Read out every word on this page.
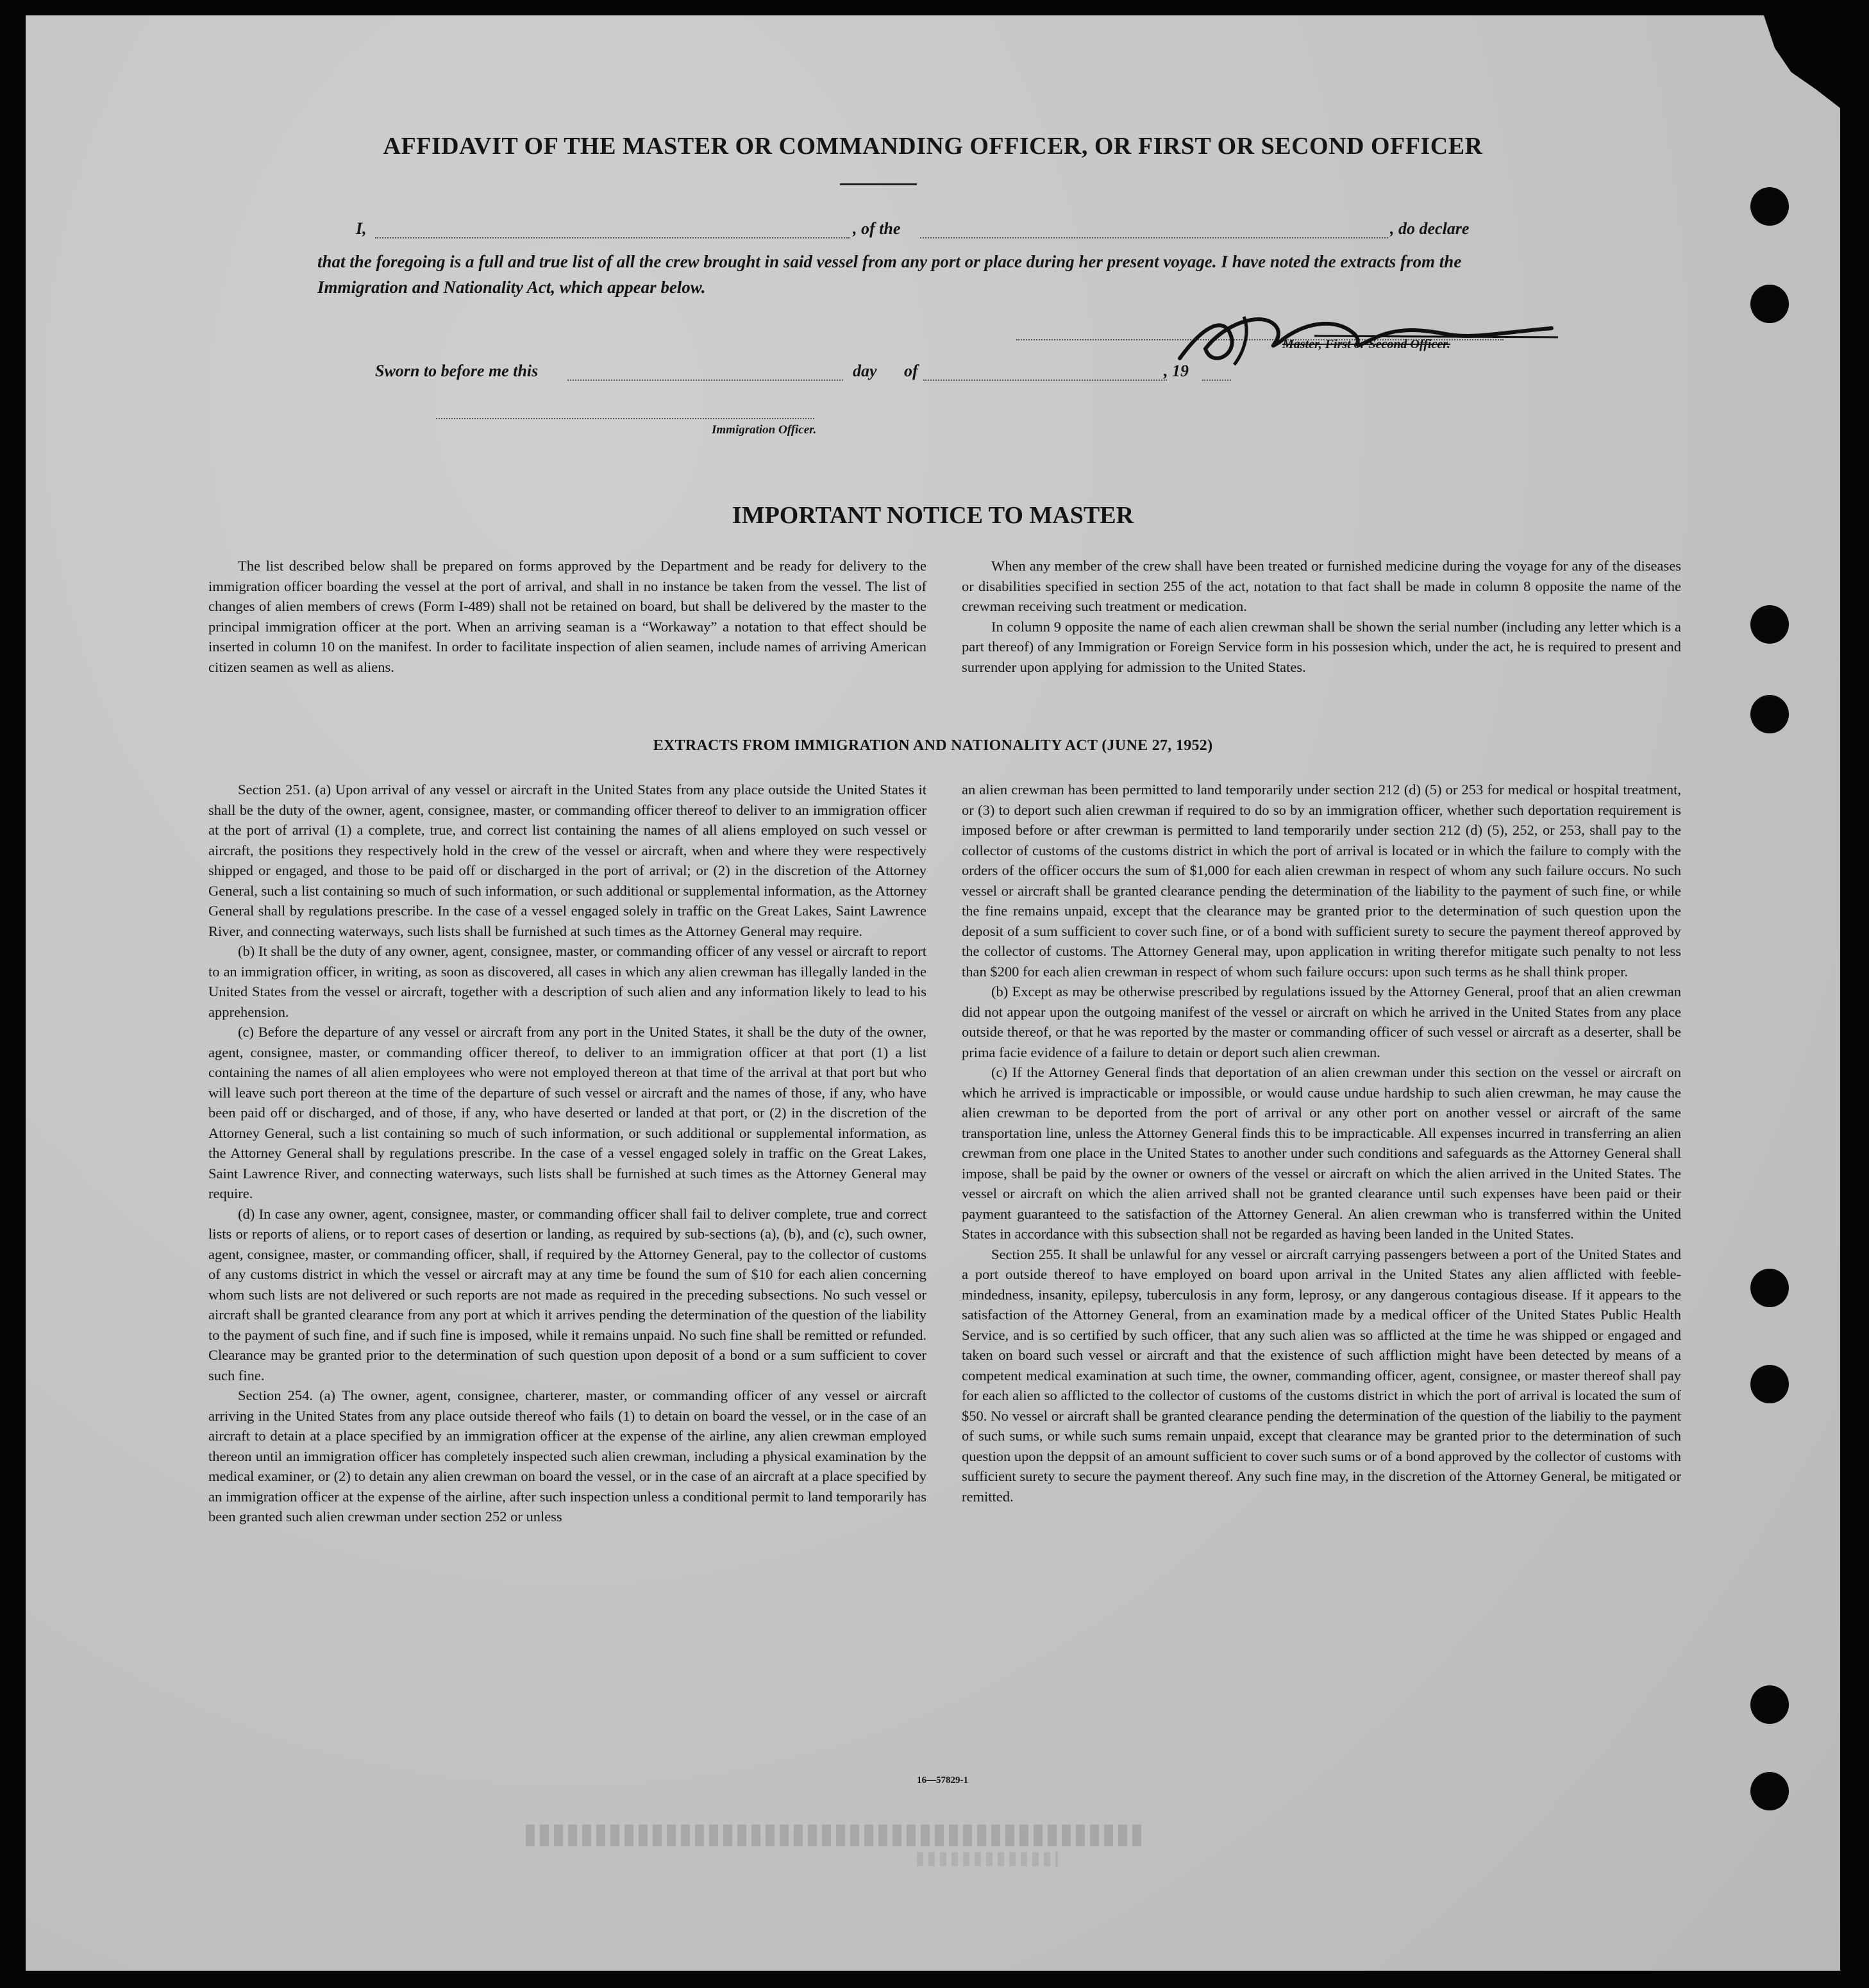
AFFIDAVIT OF THE MASTER OR COMMANDING OFFICER, OR FIRST OR SECOND OFFICER
I,	, of the	, do declare

that the foregoing is a full and true list of all the crew brought in said vessel from any port or place during her present voyage. I have noted the extracts from the Immigration and Nationality Act, which appear below.

Master, First or Second Officer.
Sworn to before me this	day of	, 19
Immigration Officer.
IMPORTANT NOTICE TO MASTER

The list described below shall be prepared on forms approved by the Department and be ready for delivery to the immigration officer boarding the vessel at the port of arrival, and shall in no instance be taken from the vessel. The list of changes of alien members of crews (Form I-489) shall not be retained on board, but shall be delivered by the master to the principal immigration officer at the port. When an arriving seaman is a “Workaway” a notation to that effect should be inserted in column 10 on the manifest. In order to facilitate inspection of alien seamen, include names of arriving American citizen seamen as well as aliens.

When any member of the crew shall have been treated or furnished medicine during the voyage for any of the diseases or disabilities specified in section 255 of the act, notation to that fact shall be made in column 8 opposite the name of the crewman receiving such treatment or medication.

In column 9 opposite the name of each alien crewman shall be shown the serial number (including any letter which is a part thereof) of any Immigration or Foreign Service form in his possesion which, under the act, he is required to present and surrender upon applying for admission to the United States.

EXTRACTS FROM IMMIGRATION AND NATIONALITY ACT (JUNE 27, 1952)

Section 251. (a) Upon arrival of any vessel or aircraft in the United States from any place outside the United States it shall be the duty of the owner, agent, consignee, master, or commanding officer thereof to deliver to an immigration officer at the port of arrival (1) a complete, true, and correct list containing the names of all aliens employed on such vessel or aircraft, the positions they respectively hold in the crew of the vessel or aircraft, when and where they were respectively shipped or engaged, and those to be paid off or discharged in the port of arrival; or (2) in the discretion of the Attorney General, such a list containing so much of such information, or such additional or supplemental information, as the Attorney General shall by regulations prescribe. In the case of a vessel engaged solely in traffic on the Great Lakes, Saint Lawrence River, and connecting waterways, such lists shall be furnished at such times as the Attorney General may require.

(b) It shall be the duty of any owner, agent, consignee, master, or commanding officer of any vessel or aircraft to report to an immigration officer, in writing, as soon as discovered, all cases in which any alien crewman has illegally landed in the United States from the vessel or aircraft, together with a description of such alien and any information likely to lead to his apprehension.

(c) Before the departure of any vessel or aircraft from any port in the United States, it shall be the duty of the owner, agent, consignee, master, or commanding officer thereof, to deliver to an immigration officer at that port (1) a list containing the names of all alien employees who were not employed thereon at that time of the arrival at that port but who will leave such port thereon at the time of the departure of such vessel or aircraft and the names of those, if any, who have been paid off or discharged, and of those, if any, who have deserted or landed at that port, or (2) in the discretion of the Attorney General, such a list containing so much of such information, or such additional or supplemental information, as the Attorney General shall by regulations prescribe. In the case of a vessel engaged solely in traffic on the Great Lakes, Saint Lawrence River, and connecting waterways, such lists shall be furnished at such times as the Attorney General may require.

(d) In case any owner, agent, consignee, master, or commanding officer shall fail to deliver complete, true and correct lists or reports of aliens, or to report cases of desertion or landing, as required by sub-sections (a), (b), and (c), such owner, agent, consignee, master, or commanding officer, shall, if required by the Attorney General, pay to the collector of customs of any customs district in which the vessel or aircraft may at any time be found the sum of $10 for each alien concerning whom such lists are not delivered or such reports are not made as required in the preceding subsections. No such vessel or aircraft shall be granted clearance from any port at which it arrives pending the determination of the question of the liability to the payment of such fine, and if such fine is imposed, while it remains unpaid. No such fine shall be remitted or refunded. Clearance may be granted prior to the determination of such question upon deposit of a bond or a sum sufficient to cover such fine.

Section 254. (a) The owner, agent, consignee, charterer, master, or commanding officer of any vessel or aircraft arriving in the United States from any place outside thereof who fails (1) to detain on board the vessel, or in the case of an aircraft to detain at a place specified by an immigration officer at the expense of the airline, any alien crewman employed thereon until an immigration officer has completely inspected such alien crewman, including a physical examination by the medical examiner, or (2) to detain any alien crewman on board the vessel, or in the case of an aircraft at a place specified by an immigration officer at the expense of the airline, after such inspection unless a conditional permit to land temporarily has been granted such alien crewman under section 252 or unless

an alien crewman has been permitted to land temporarily under section 212 (d) (5) or 253 for medical or hospital treatment, or (3) to deport such alien crewman if required to do so by an immigration officer, whether such deportation requirement is imposed before or after crewman is permitted to land temporarily under section 212 (d) (5), 252, or 253, shall pay to the collector of customs of the customs district in which the port of arrival is located or in which the failure to comply with the orders of the officer occurs the sum of $1,000 for each alien crewman in respect of whom any such failure occurs. No such vessel or aircraft shall be granted clearance pending the determination of the liability to the payment of such fine, or while the fine remains unpaid, except that the clearance may be granted prior to the determination of such question upon the deposit of a sum sufficient to cover such fine, or of a bond with sufficient surety to secure the payment thereof approved by the collector of customs. The Attorney General may, upon application in writing therefor mitigate such penalty to not less than $200 for each alien crewman in respect of whom such failure occurs: upon such terms as he shall think proper.

(b) Except as may be otherwise prescribed by regulations issued by the Attorney General, proof that an alien crewman did not appear upon the outgoing manifest of the vessel or aircraft on which he arrived in the United States from any place outside thereof, or that he was reported by the master or commanding officer of such vessel or aircraft as a deserter, shall be prima facie evidence of a failure to detain or deport such alien crewman.

(c) If the Attorney General finds that deportation of an alien crewman under this section on the vessel or aircraft on which he arrived is impracticable or impossible, or would cause undue hardship to such alien crewman, he may cause the alien crewman to be deported from the port of arrival or any other port on another vessel or aircraft of the same transportation line, unless the Attorney General finds this to be impracticable. All expenses incurred in transferring an alien crewman from one place in the United States to another under such conditions and safeguards as the Attorney General shall impose, shall be paid by the owner or owners of the vessel or aircraft on which the alien arrived in the United States. The vessel or aircraft on which the alien arrived shall not be granted clearance until such expenses have been paid or their payment guaranteed to the satisfaction of the Attorney General. An alien crewman who is transferred within the United States in accordance with this subsection shall not be regarded as having been landed in the United States.

Section 255. It shall be unlawful for any vessel or aircraft carrying passengers between a port of the United States and a port outside thereof to have employed on board upon arrival in the United States any alien afflicted with feeble-mindedness, insanity, epilepsy, tuberculosis in any form, leprosy, or any dangerous contagious disease. If it appears to the satisfaction of the Attorney General, from an examination made by a medical officer of the United States Public Health Service, and is so certified by such officer, that any such alien was so afflicted at the time he was shipped or engaged and taken on board such vessel or aircraft and that the existence of such affliction might have been detected by means of a competent medical examination at such time, the owner, commanding officer, agent, consignee, or master thereof shall pay for each alien so afflicted to the collector of customs of the customs district in which the port of arrival is located the sum of $50. No vessel or aircraft shall be granted clearance pending the determination of the question of the liabiliy to the payment of such sums, or while such sums remain unpaid, except that clearance may be granted prior to the determination of such question upon the deppsit of an amount sufficient to cover such sums or of a bond approved by the collector of customs with sufficient surety to secure the payment thereof. Any such fine may, in the discretion of the Attorney General, be mitigated or remitted.

16—57829-1
